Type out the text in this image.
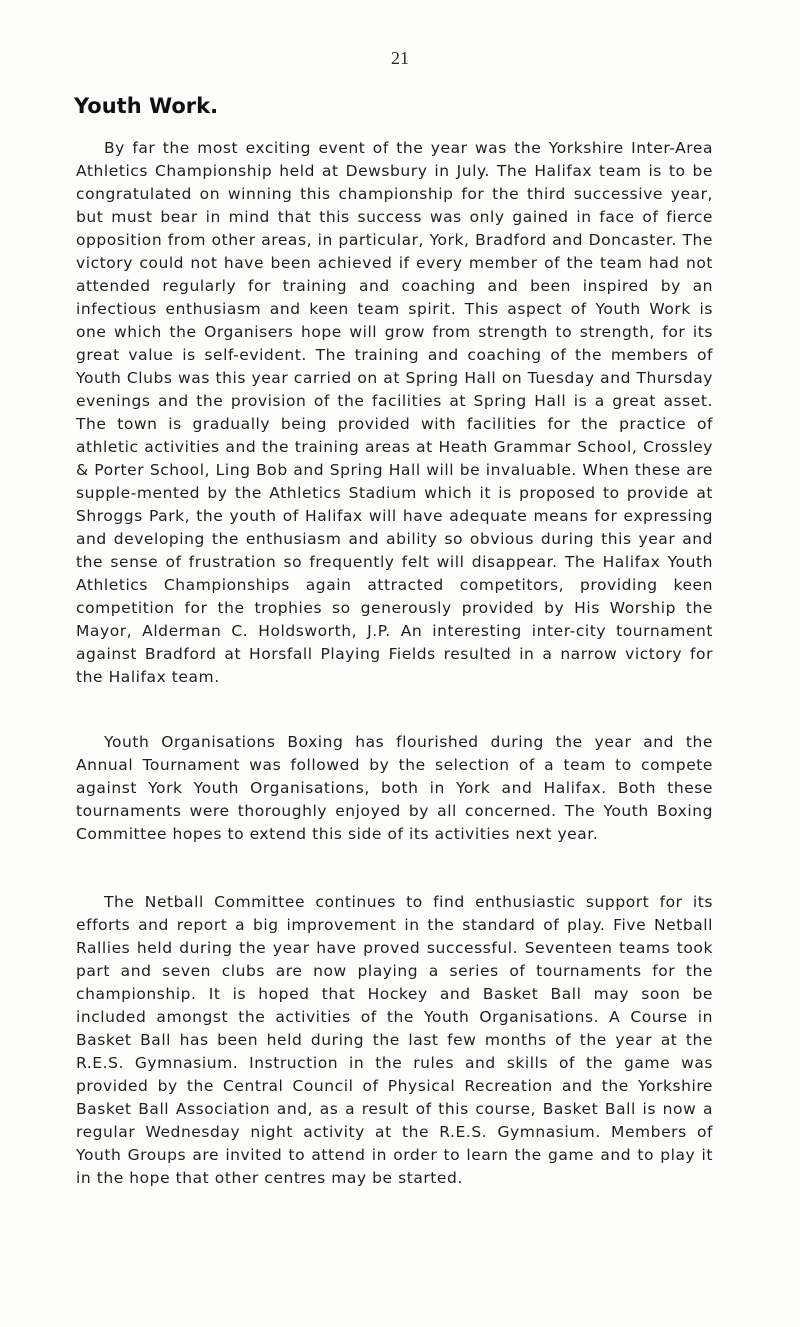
21
Youth Work.

By far the most exciting event of the year was the Yorkshire Inter-Area Athletics Championship held at Dewsbury in July. The Halifax team is to be congratulated on winning this championship for the third successive year, but must bear in mind that this success was only gained in face of fierce opposition from other areas, in particular, York, Bradford and Doncaster. The victory could not have been achieved if every member of the team had not attended regularly for training and coaching and been inspired by an infectious enthusiasm and keen team spirit. This aspect of Youth Work is one which the Organisers hope will grow from strength to strength, for its great value is self-evident. The training and coaching of the members of Youth Clubs was this year carried on at Spring Hall on Tuesday and Thursday evenings and the provision of the facilities at Spring Hall is a great asset. The town is gradually being provided with facilities for the practice of athletic activities and the training areas at Heath Grammar School, Crossley & Porter School, Ling Bob and Spring Hall will be invaluable. When these are supple-mented by the Athletics Stadium which it is proposed to provide at Shroggs Park, the youth of Halifax will have adequate means for expressing and developing the enthusiasm and ability so obvious during this year and the sense of frustration so frequently felt will disappear. The Halifax Youth Athletics Championships again attracted competitors, providing keen competition for the trophies so generously provided by His Worship the Mayor, Alderman C. Holdsworth, J.P. An interesting inter-city tournament against Bradford at Horsfall Playing Fields resulted in a narrow victory for the Halifax team.

Youth Organisations Boxing has flourished during the year and the Annual Tournament was followed by the selection of a team to compete against York Youth Organisations, both in York and Halifax. Both these tournaments were thoroughly enjoyed by all concerned. The Youth Boxing Committee hopes to extend this side of its activities next year.

The Netball Committee continues to find enthusiastic support for its efforts and report a big improvement in the standard of play. Five Netball Rallies held during the year have proved successful. Seventeen teams took part and seven clubs are now playing a series of tournaments for the championship. It is hoped that Hockey and Basket Ball may soon be included amongst the activities of the Youth Organisations. A Course in Basket Ball has been held during the last few months of the year at the R.E.S. Gymnasium. Instruction in the rules and skills of the game was provided by the Central Council of Physical Recreation and the Yorkshire Basket Ball Association and, as a result of this course, Basket Ball is now a regular Wednesday night activity at the R.E.S. Gymnasium. Members of Youth Groups are invited to attend in order to learn the game and to play it in the hope that other centres may be started.
